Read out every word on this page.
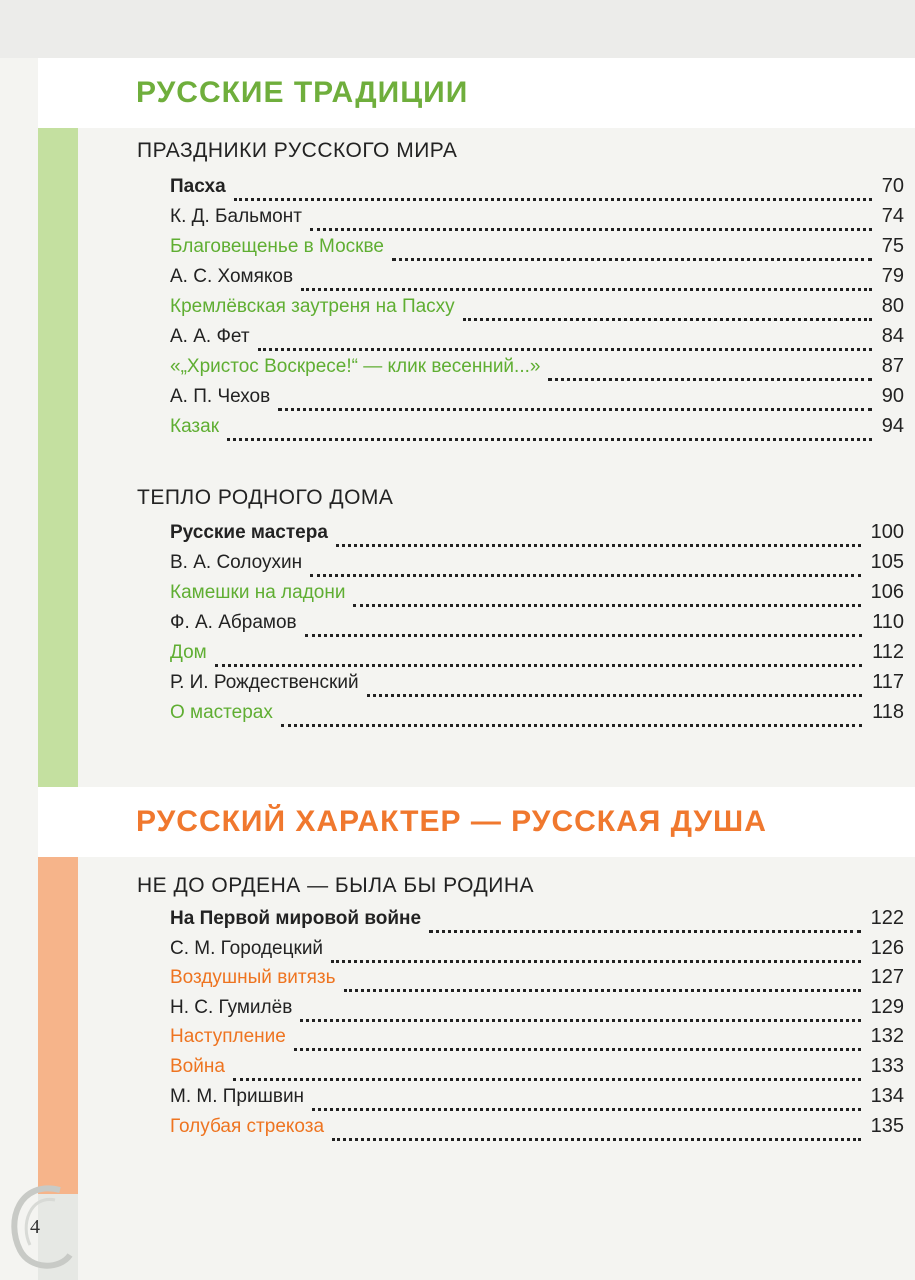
4
РУССКИЕ ТРАДИЦИИ
ПРАЗДНИКИ РУССКОГО МИРА
Пасха	70
К. Д. Бальмонт	74
Благовещенье в Москве	75
А. С. Хомяков	79
Кремлёвская заутреня на Пасху	80
А. А. Фет	84
«„Христос Воскресе!“ — клик весенний...»	87
А. П. Чехов	90
Казак	94
ТЕПЛО РОДНОГО ДОМА
Русские мастера	100
В. А. Солоухин	105
Камешки на ладони	106
Ф. А. Абрамов	110
Дом	112
Р. И. Рождественский	117
О мастерах	118
РУССКИЙ ХАРАКТЕР — РУССКАЯ ДУША
НЕ ДО ОРДЕНА — БЫЛА БЫ РОДИНА
На Первой мировой войне	122
С. М. Городецкий	126
Воздушный витязь	127
Н. С. Гумилёв	129
Наступление	132
Война	133
М. М. Пришвин	134
Голубая стрекоза	135
